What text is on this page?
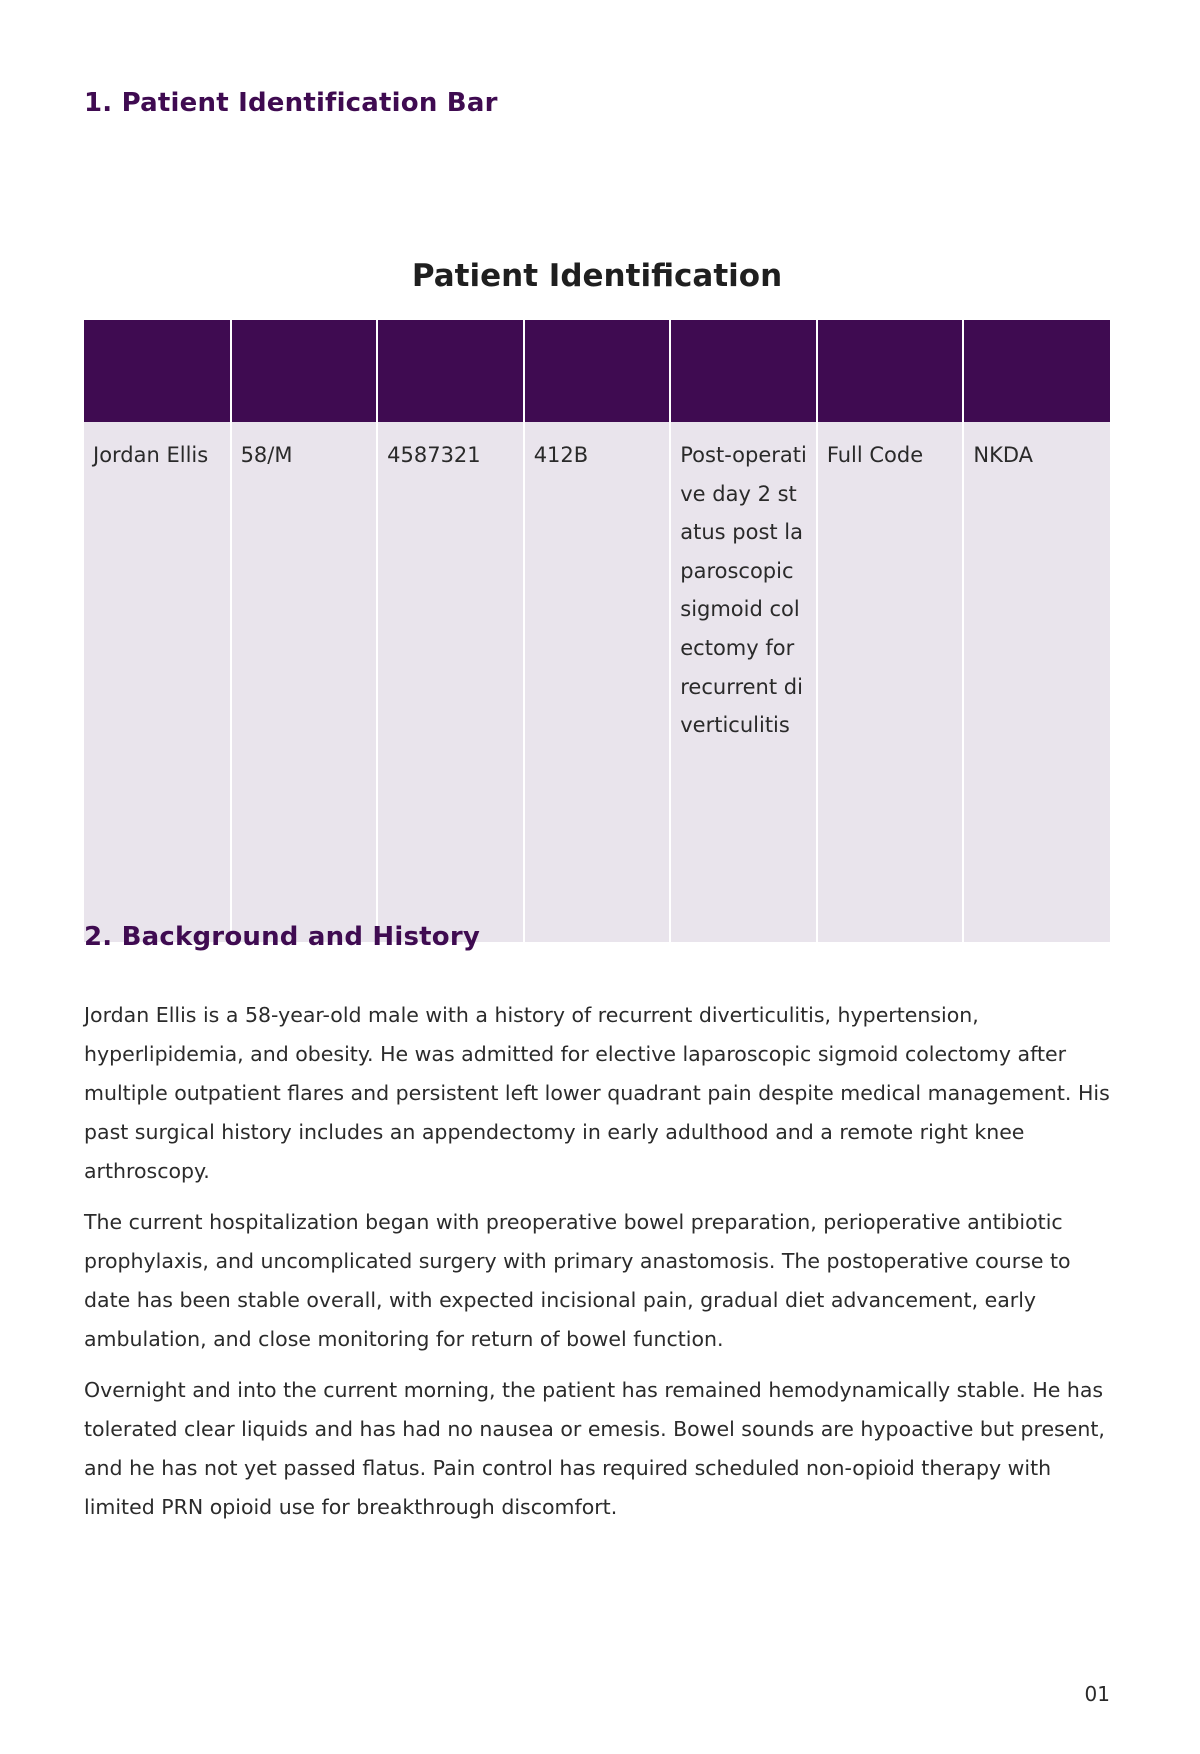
1. Patient Identification Bar
Patient Identification

Jordan Ellis	58/M	4587321	412B	Post-operative day 2 status post laparoscopic sigmoid colectomy for recurrent diverticulitis	Full Code	NKDA
2. Background and History

Jordan Ellis is a 58-year-old male with a history of recurrent diverticulitis, hypertension, hyperlipidemia, and obesity. He was admitted for elective laparoscopic sigmoid colectomy after multiple outpatient flares and persistent left lower quadrant pain despite medical management. His past surgical history includes an appendectomy in early adulthood and a remote right knee arthroscopy.

The current hospitalization began with preoperative bowel preparation, perioperative antibiotic prophylaxis, and uncomplicated surgery with primary anastomosis. The postoperative course to date has been stable overall, with expected incisional pain, gradual diet advancement, early ambulation, and close monitoring for return of bowel function.

Overnight and into the current morning, the patient has remained hemodynamically stable. He has tolerated clear liquids and has had no nausea or emesis. Bowel sounds are hypoactive but present, and he has not yet passed flatus. Pain control has required scheduled non-opioid therapy with limited PRN opioid use for breakthrough discomfort.

01
